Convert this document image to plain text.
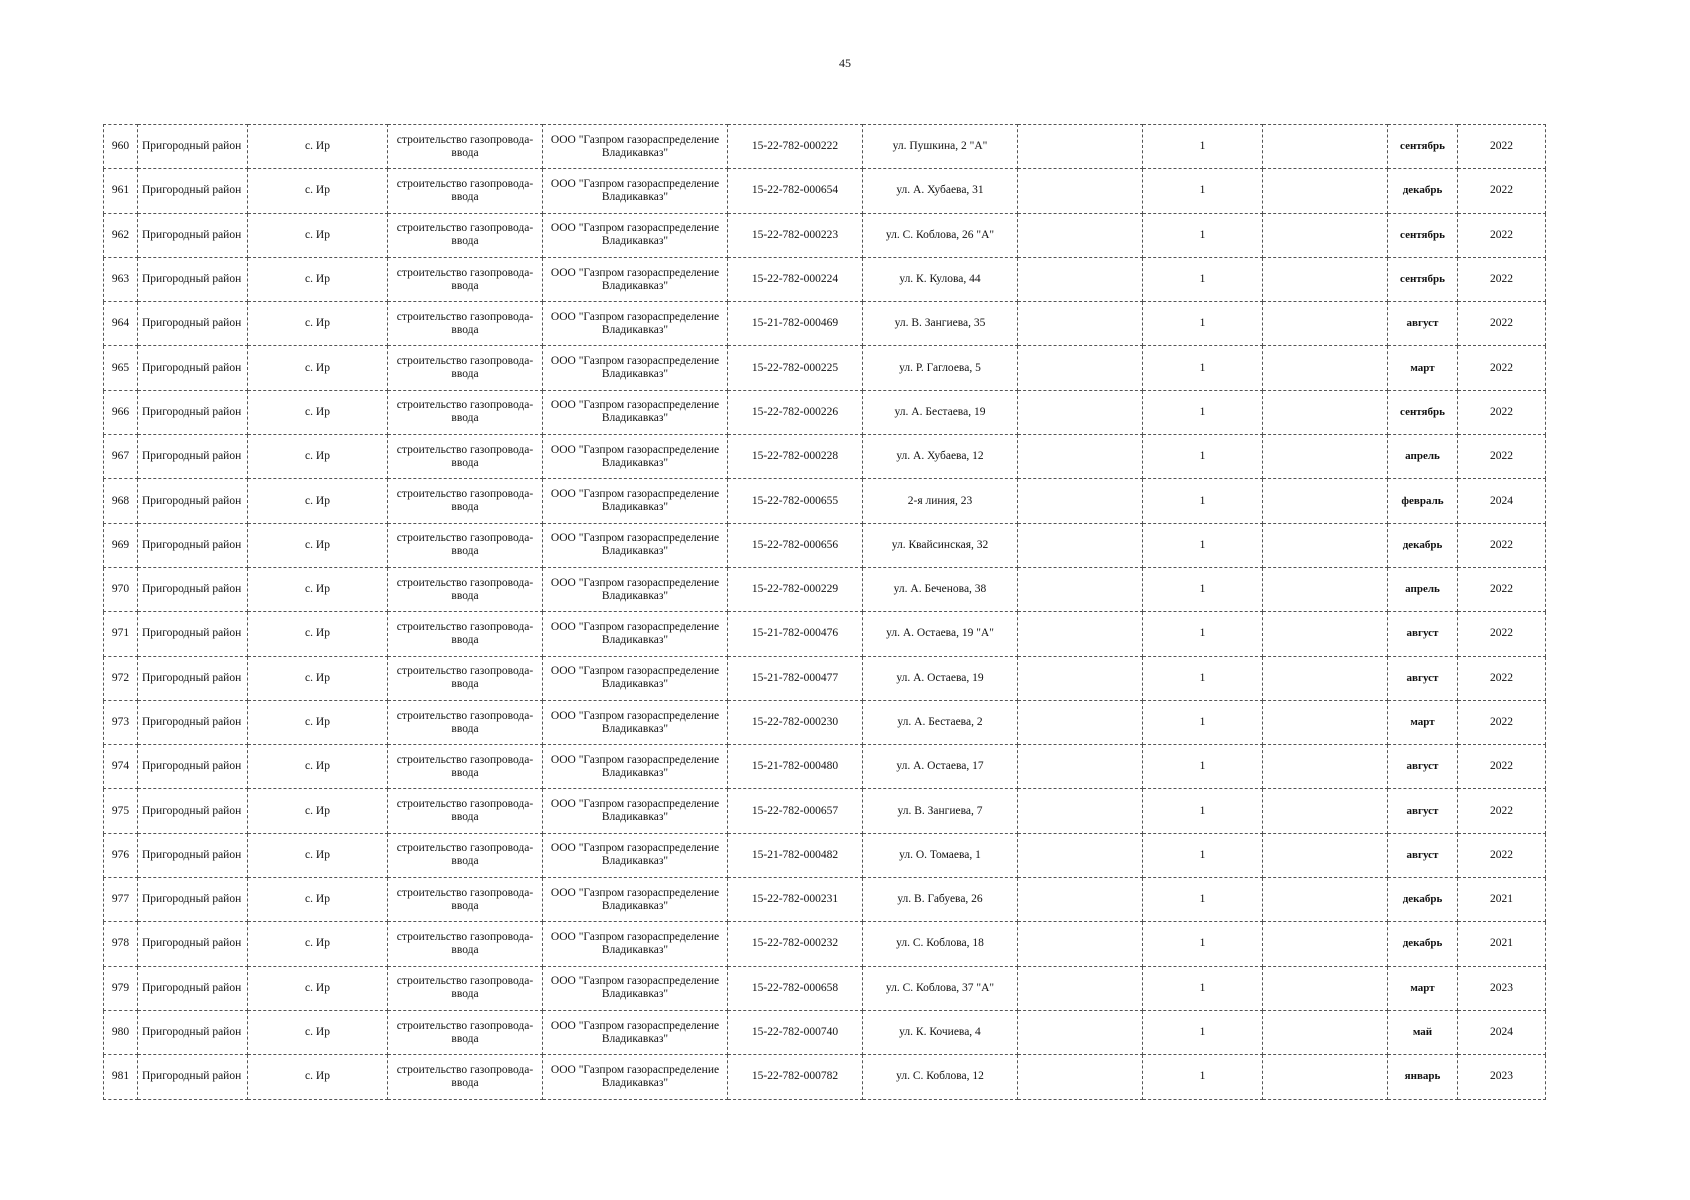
45
960	Пригородный район	с. Ир	строительство газопровода-ввода	ООО "Газпром газораспределение Владикавказ"	15-22-782-000222	ул. Пушкина, 2 "А"		1		сентябрь	2022
961	Пригородный район	с. Ир	строительство газопровода-ввода	ООО "Газпром газораспределение Владикавказ"	15-22-782-000654	ул. А. Хубаева, 31		1		декабрь	2022
962	Пригородный район	с. Ир	строительство газопровода-ввода	ООО "Газпром газораспределение Владикавказ"	15-22-782-000223	ул. С. Коблова, 26 "А"		1		сентябрь	2022
963	Пригородный район	с. Ир	строительство газопровода-ввода	ООО "Газпром газораспределение Владикавказ"	15-22-782-000224	ул. К. Кулова, 44		1		сентябрь	2022
964	Пригородный район	с. Ир	строительство газопровода-ввода	ООО "Газпром газораспределение Владикавказ"	15-21-782-000469	ул. В. Зангиева, 35		1		август	2022
965	Пригородный район	с. Ир	строительство газопровода-ввода	ООО "Газпром газораспределение Владикавказ"	15-22-782-000225	ул. Р. Гаглоева, 5		1		март	2022
966	Пригородный район	с. Ир	строительство газопровода-ввода	ООО "Газпром газораспределение Владикавказ"	15-22-782-000226	ул. А. Бестаева, 19		1		сентябрь	2022
967	Пригородный район	с. Ир	строительство газопровода-ввода	ООО "Газпром газораспределение Владикавказ"	15-22-782-000228	ул. А. Хубаева, 12		1		апрель	2022
968	Пригородный район	с. Ир	строительство газопровода-ввода	ООО "Газпром газораспределение Владикавказ"	15-22-782-000655	2-я линия, 23		1		февраль	2024
969	Пригородный район	с. Ир	строительство газопровода-ввода	ООО "Газпром газораспределение Владикавказ"	15-22-782-000656	ул. Квайсинская, 32		1		декабрь	2022
970	Пригородный район	с. Ир	строительство газопровода-ввода	ООО "Газпром газораспределение Владикавказ"	15-22-782-000229	ул. А. Беченова, 38		1		апрель	2022
971	Пригородный район	с. Ир	строительство газопровода-ввода	ООО "Газпром газораспределение Владикавказ"	15-21-782-000476	ул. А. Остаева, 19 "А"		1		август	2022
972	Пригородный район	с. Ир	строительство газопровода-ввода	ООО "Газпром газораспределение Владикавказ"	15-21-782-000477	ул. А. Остаева, 19		1		август	2022
973	Пригородный район	с. Ир	строительство газопровода-ввода	ООО "Газпром газораспределение Владикавказ"	15-22-782-000230	ул. А. Бестаева, 2		1		март	2022
974	Пригородный район	с. Ир	строительство газопровода-ввода	ООО "Газпром газораспределение Владикавказ"	15-21-782-000480	ул. А. Остаева, 17		1		август	2022
975	Пригородный район	с. Ир	строительство газопровода-ввода	ООО "Газпром газораспределение Владикавказ"	15-22-782-000657	ул. В. Зангиева, 7		1		август	2022
976	Пригородный район	с. Ир	строительство газопровода-ввода	ООО "Газпром газораспределение Владикавказ"	15-21-782-000482	ул. О. Томаева, 1		1		август	2022
977	Пригородный район	с. Ир	строительство газопровода-ввода	ООО "Газпром газораспределение Владикавказ"	15-22-782-000231	ул. В. Габуева, 26		1		декабрь	2021
978	Пригородный район	с. Ир	строительство газопровода-ввода	ООО "Газпром газораспределение Владикавказ"	15-22-782-000232	ул. С. Коблова, 18		1		декабрь	2021
979	Пригородный район	с. Ир	строительство газопровода-ввода	ООО "Газпром газораспределение Владикавказ"	15-22-782-000658	ул. С. Коблова, 37 "А"		1		март	2023
980	Пригородный район	с. Ир	строительство газопровода-ввода	ООО "Газпром газораспределение Владикавказ"	15-22-782-000740	ул. К. Кочиева, 4		1		май	2024
981	Пригородный район	с. Ир	строительство газопровода-ввода	ООО "Газпром газораспределение Владикавказ"	15-22-782-000782	ул. С. Коблова, 12		1		январь	2023
